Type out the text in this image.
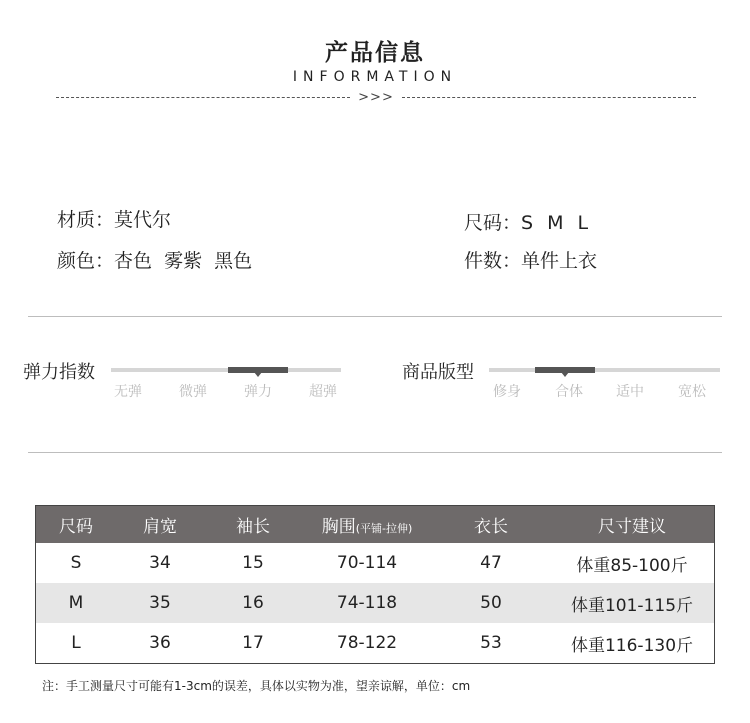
产品信息
INFORMATION
>>>
材质：莫代尔
颜色：杏色  雾紫  黑色
尺码：S M L
件数：单件上衣
弹力指数
无弹	微弹	弹力	超弹
商品版型
修身	合体	适中	宽松
尺码	肩宽	袖长	胸围(平铺-拉伸)	衣长	尺寸建议
S	34	15	70-114	47	体重85-100斤
M	35	16	74-118	50	体重101-115斤
L	36	17	78-122	53	体重116-130斤
注：手工测量尺寸可能有1-3cm的误差，具体以实物为准，望亲谅解，单位：cm
